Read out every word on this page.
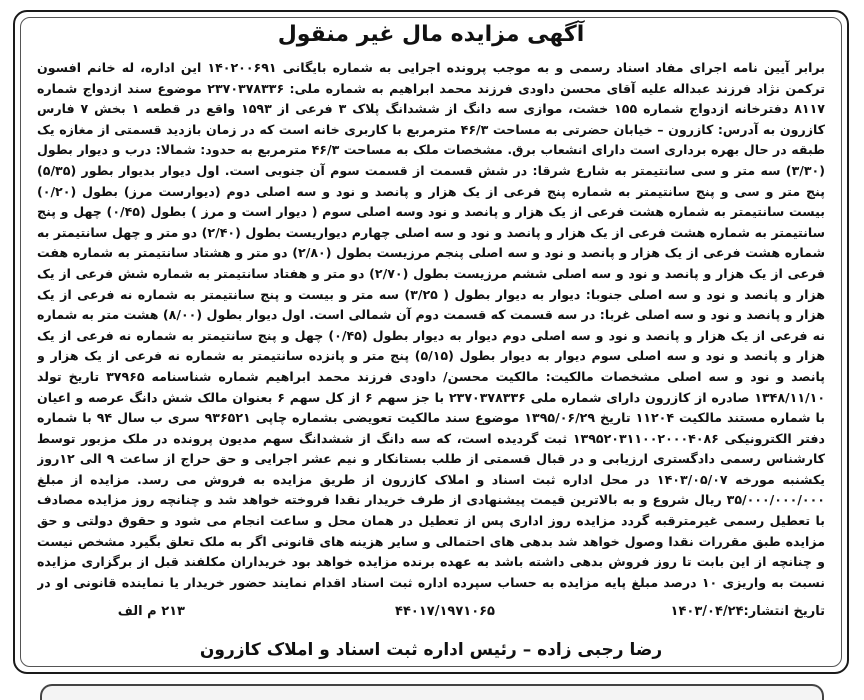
آگهی مزایده مال غیر منقول
برابر آیین نامه اجرای مفاد اسناد رسمی و به موجب پرونده اجرایی به شماره بایگانی ۱۴۰۲۰۰۶۹۱ این اداره، له خانم افسون ترکمن نژاد فرزند عبداله علیه آقای محسن داودی فرزند محمد ابراهیم به شماره ملی: ۲۳۷۰۳۷۸۳۳۶ موضوع سند ازدواج شماره ۸۱۱۷ دفترخانه ازدواج شماره ۱۵۵ خشت، موازی سه دانگ از ششدانگ پلاک ۳ فرعی از ۱۵۹۳ واقع در قطعه ۱ بخش ۷ فارس کازرون به آدرس: کازرون – خیابان حضرتی به مساحت ۴۶/۳ مترمربع با کاربری خانه است که در زمان بازدید قسمتی از مغازه یک طبقه در حال بهره برداری است دارای انشعاب برق. مشخصات ملک به مساحت ۴۶/۳ مترمربع به حدود: شمالا: درب و دیوار بطول (۳/۳۰) سه متر و سی سانتیمتر به شارع شرقا: در شش قسمت از قسمت سوم آن جنوبی است. اول دیوار بدیوار بطور (۵/۳۵) پنج متر و سی و پنج سانتیمتر به شماره پنج فرعی از یک هزار و پانصد و نود و سه اصلی دوم (دیوارست مرز) بطول (۰/۲۰) بیست سانتیمتر به شماره هشت فرعی از یک هزار و پانصد و نود وسه اصلی سوم ( دیوار است و مرز ) بطول (۰/۴۵) چهل و پنج سانتیمتر به شماره هشت فرعی از یک هزار و پانصد و نود و سه اصلی چهارم دیواریست بطول (۲/۴۰) دو متر و چهل سانتیمتر به شماره هشت فرعی از یک هزار و پانصد و نود و سه اصلی پنجم مرزیست بطول (۲/۸۰) دو متر و هشتاد سانتیمتر به شماره هفت فرعی از یک هزار و پانصد و نود و سه اصلی ششم مرزیست بطول (۲/۷۰) دو متر و هفتاد سانتیمتر به شماره شش فرعی از یک هزار و پانصد و نود و سه اصلی جنوبا: دیوار به دیوار بطول ( ۳/۲۵) سه متر و بیست و پنج سانتیمتر به شماره نه فرعی از یک هزار و پانصد و نود و سه اصلی غربا: در سه قسمت که قسمت دوم آن شمالی است. اول دیوار بطول (۸/۰۰) هشت متر به شماره نه فرعی از یک هزار و پانصد و نود و سه اصلی دوم دیوار به دیوار بطول (۰/۴۵) چهل و پنج سانتیمتر به شماره نه فرعی از یک هزار و پانصد و نود و سه اصلی سوم دیوار به دیوار بطول (۵/۱۵) پنج متر و پانزده سانتیمتر به شماره نه فرعی از یک هزار و پانصد و نود و سه اصلی مشخصات مالکیت: مالکیت محسن/ داودی فرزند محمد ابراهیم شماره شناسنامه ۳۷۹۶۵ تاریخ تولد ۱۳۴۸/۱۱/۱۰ صادره از کازرون دارای شماره ملی ۲۳۷۰۳۷۸۳۳۶ با جز سهم ۶ از کل سهم ۶ بعنوان مالک شش دانگ عرصه و اعیان با شماره مستند مالکیت ۱۱۲۰۴ تاریخ ۱۳۹۵/۰۶/۲۹ موضوع سند مالکیت تعویضی بشماره چاپی ۹۳۶۵۲۱ سری ب سال ۹۴ با شماره دفتر الکترونیکی ۱۳۹۵۲۰۳۱۱۰۰۲۰۰۰۴۰۸۶ ثبت گردیده است، که سه دانگ از ششدانگ سهم مدیون پرونده در ملک مزبور توسط کارشناس رسمی دادگستری ارزیابی و در قبال قسمتی از طلب بستانکار و نیم عشر اجرایی و حق حراج از ساعت ۹ الی ۱۲روز یکشنبه مورخه ۱۴۰۳/۰۵/۰۷ در محل اداره ثبت اسناد و املاک کازرون از طریق مزایده به فروش می رسد. مزایده از مبلغ ۳۵/۰۰۰/۰۰۰/۰۰۰ ریال شروع و به بالاترین قیمت پیشنهادی از طرف خریدار نقدا فروخته خواهد شد و چنانچه روز مزایده مصادف با تعطیل رسمی غیرمترقبه گردد مزایده روز اداری پس از تعطیل در همان محل و ساعت انجام می شود و حقوق دولتی و حق مزایده طبق مقررات نقدا وصول خواهد شد بدهی های احتمالی و سایر هزینه های قانونی اگر به ملک تعلق بگیرد مشخص نیست و چنانچه از این بابت تا روز فروش بدهی داشته باشد به عهده برنده مزایده خواهد بود خریداران مکلفند قبل از برگزاری مزایده نسبت به واریزی ۱۰ درصد مبلغ پایه مزایده به حساب سپرده اداره ثبت اسناد اقدام نمایند حضور خریدار یا نماینده قانونی او در
تاریخ انتشار:۱۴۰۳/۰۴/۲۴
۴۴۰۱۷/۱۹۷۱۰۶۵
۲۱۳ م الف
رضا رجبی زاده – رئیس اداره ثبت اسناد و املاک کازرون
